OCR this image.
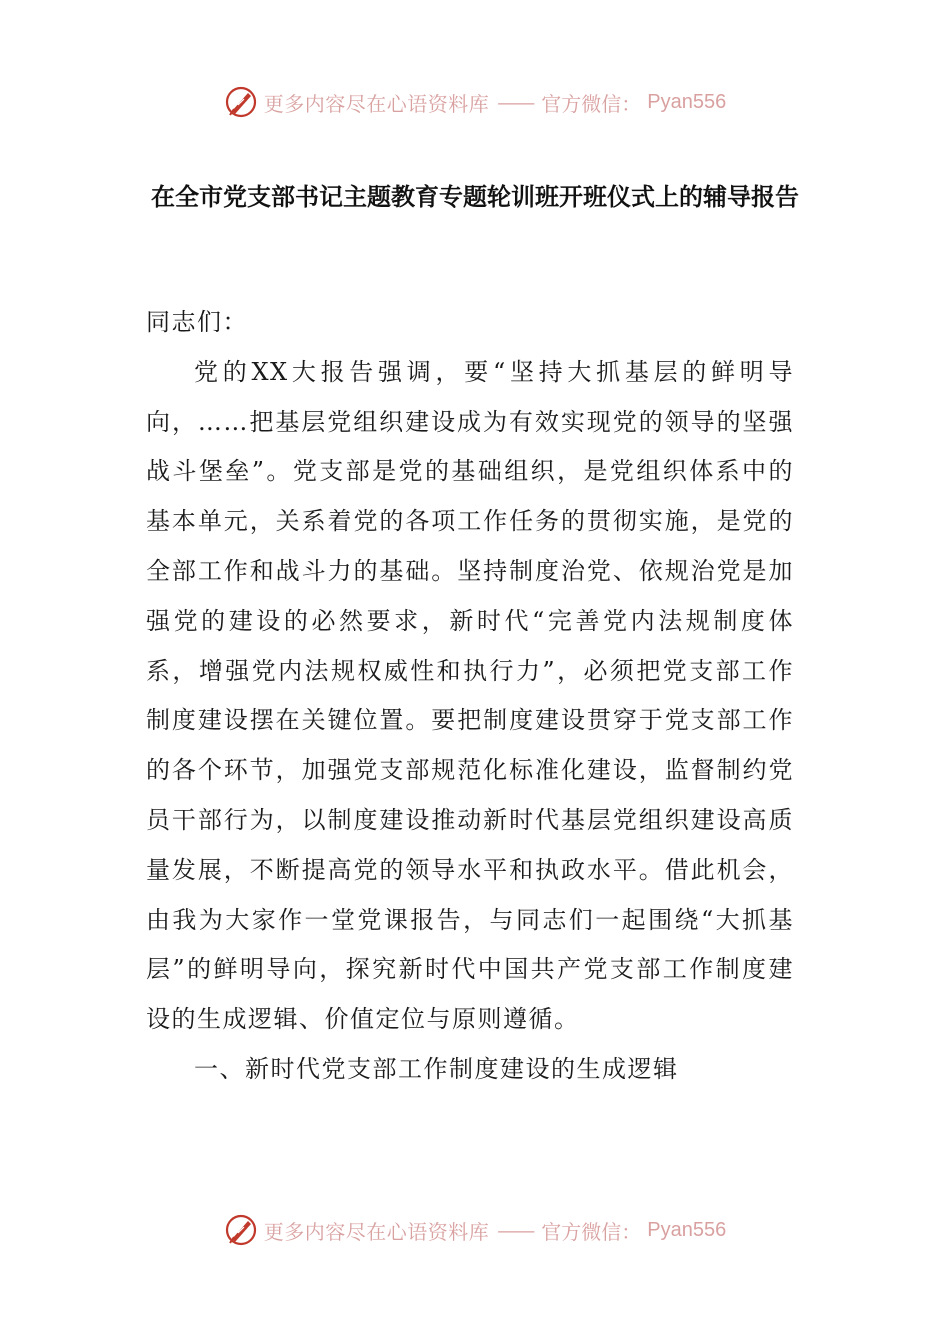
更多内容尽在心语资料库 —— 官方微信： Pyan556
在全市党支部书记主题教育专题轮训班开班仪式上的辅导报告

同志们：

党的XX大报告强调，要“坚持大抓基层的鲜明导向，……把基层党组织建设成为有效实现党的领导的坚强战斗堡垒”。党支部是党的基础组织，是党组织体系中的基本单元，关系着党的各项工作任务的贯彻实施，是党的全部工作和战斗力的基础。坚持制度治党、依规治党是加强党的建设的必然要求，新时代“完善党内法规制度体系，增强党内法规权威性和执行力”，必须把党支部工作制度建设摆在关键位置。要把制度建设贯穿于党支部工作的各个环节，加强党支部规范化标准化建设，监督制约党员干部行为，以制度建设推动新时代基层党组织建设高质量发展，不断提高党的领导水平和执政水平。借此机会，由我为大家作一堂党课报告，与同志们一起围绕“大抓基层”的鲜明导向，探究新时代中国共产党支部工作制度建设的生成逻辑、价值定位与原则遵循。

一、新时代党支部工作制度建设的生成逻辑

更多内容尽在心语资料库 —— 官方微信： Pyan556
